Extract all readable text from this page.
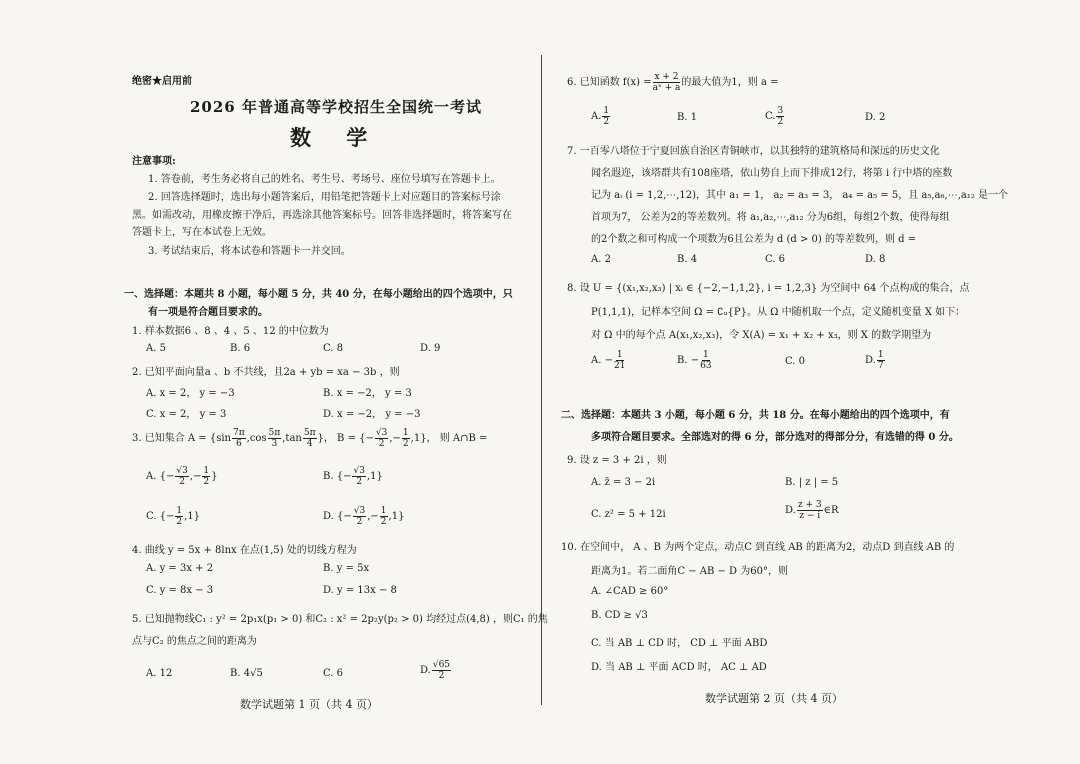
绝密★启用前
2026 年普通高等学校招生全国统一考试
数 学
注意事项:
1. 答卷前，考生务必将自己的姓名、考生号、考场号、座位号填写在答题卡上。
2. 回答选择题时，选出每小题答案后，用铅笔把答题卡上对应题目的答案标号涂
黑。如需改动，用橡皮擦干净后，再选涂其他答案标号。回答非选择题时，将答案写在
答题卡上，写在本试卷上无效。
3. 考试结束后，将本试卷和答题卡一并交回。
一、选择题：本题共 8 小题，每小题 5 分，共 40 分，在每小题给出的四个选项中，只
有一项是符合题目要求的。
1. 样本数据6 、8 、4 、5 、12 的中位数为
A. 5	B. 6	C. 8	D. 9
2. 已知平面向量a 、b 不共线，且2a + yb = xa − 3b ，则
A. x = 2， y = −3	B. x = −2， y = 3
C. x = 2， y = 3	D. x = −2， y = −3
3. 已知集合 $A = \{\sin \frac{7\pi}{6} ,\cos \frac{5\pi}{3} ,\tan \frac{5\pi}{4}$ }， B = {− $\frac{√3}{2}$ ,− $\frac{1}{2} ,1$}， 则 A∩B =
A. {− $\frac{√3}{2}$ ,− $\frac{1}{2}$ }	B. {− $\frac{√3}{2} ,1$}
C. {− $\frac{1}{2} ,1$}	D. {− $\frac{√3}{2}$ ,− $\frac{1}{2} ,1$}
4. 曲线 y = 5x + 8lnx 在点(1,5) 处的切线方程为
A. y = 3x + 2	B. y = 5x
C. y = 8x − 3	D. y = 13x − 8
5. 已知抛物线C₁ : y² = 2p₁x(p₁ > 0) 和C₂ : x² = 2p₂y(p₂ > 0) 均经过点(4,8) ，则C₁ 的焦
点与C₂ 的焦点之间的距离为
A. 12	B. 4√5	C. 6	D. $\frac{√65}{2}$
数学试题第 1 页（共 4 页）
6. 已知函数 $f(x) = \frac{x + 2}{\text{aˣ + a}}$ 的最大值为1，则 a =
A. $\frac{1}{2}$	B. 1	C. $\frac{3}{2}$	D. 2
7. 一百零八塔位于宁夏回族自治区青铜峡市，以其独特的建筑格局和深远的历史文化
闻名遐迩，该塔群共有108座塔，依山势自上而下排成12行，将第 i 行中塔的座数
记为 aᵢ (i = 1,2,⋯,12)，其中 a₁ = 1， a₂ = a₃ = 3， a₄ = a₅ = 5，且 a₅,a₆,⋯,a₁₂ 是一个
首项为7， 公差为2的等差数列。将 a₁,a₂,⋯,a₁₂ 分为6组，每组2个数，使得每组
的2个数之和可构成一个项数为6且公差为 d (d > 0) 的等差数列，则 d =
A. 2	B. 4	C. 6	D. 8
8. 设 U = {(x₁,x₂,x₃) | xᵢ ∈ {−2,−1,1,2}, i = 1,2,3} 为空间中 64 个点构成的集合，点
P(1,1,1)，记样本空间 Ω = ∁ᵤ{P}。从 Ω 中随机取一个点，定义随机变量 X 如下：
对 Ω 中的每个点 A(x₁,x₂,x₃)，令 X(A) = x₁ + x₂ + x₃，则 X 的数学期望为
A. − $\frac{1}{21}$	B. − $\frac{1}{63}$	C. 0	D. $\frac{1}{7}$
二、选择题：本题共 3 小题，每小题 6 分，共 18 分。在每小题给出的四个选项中，有
多项符合题目要求。全部选对的得 6 分，部分选对的得部分分，有选错的得 0 分。
9. 设 z = 3 + 2i ，则
A. z̄ = 3 − 2i	B. | z | = 5
C. z² = 5 + 12i	D. $\frac{z + 3}{z - i}$ ∈R
10. 在空间中， A 、B 为两个定点，动点C 到直线 AB 的距离为2，动点D 到直线 AB 的
距离为1。若二面角C − AB − D 为60°，则
A. ∠CAD ≥ 60°
B. CD ≥ √3
C. 当 AB ⊥ CD 时， CD ⊥ 平面 ABD
D. 当 AB ⊥ 平面 ACD 时， AC ⊥ AD
数学试题第 2 页（共 4 页）
